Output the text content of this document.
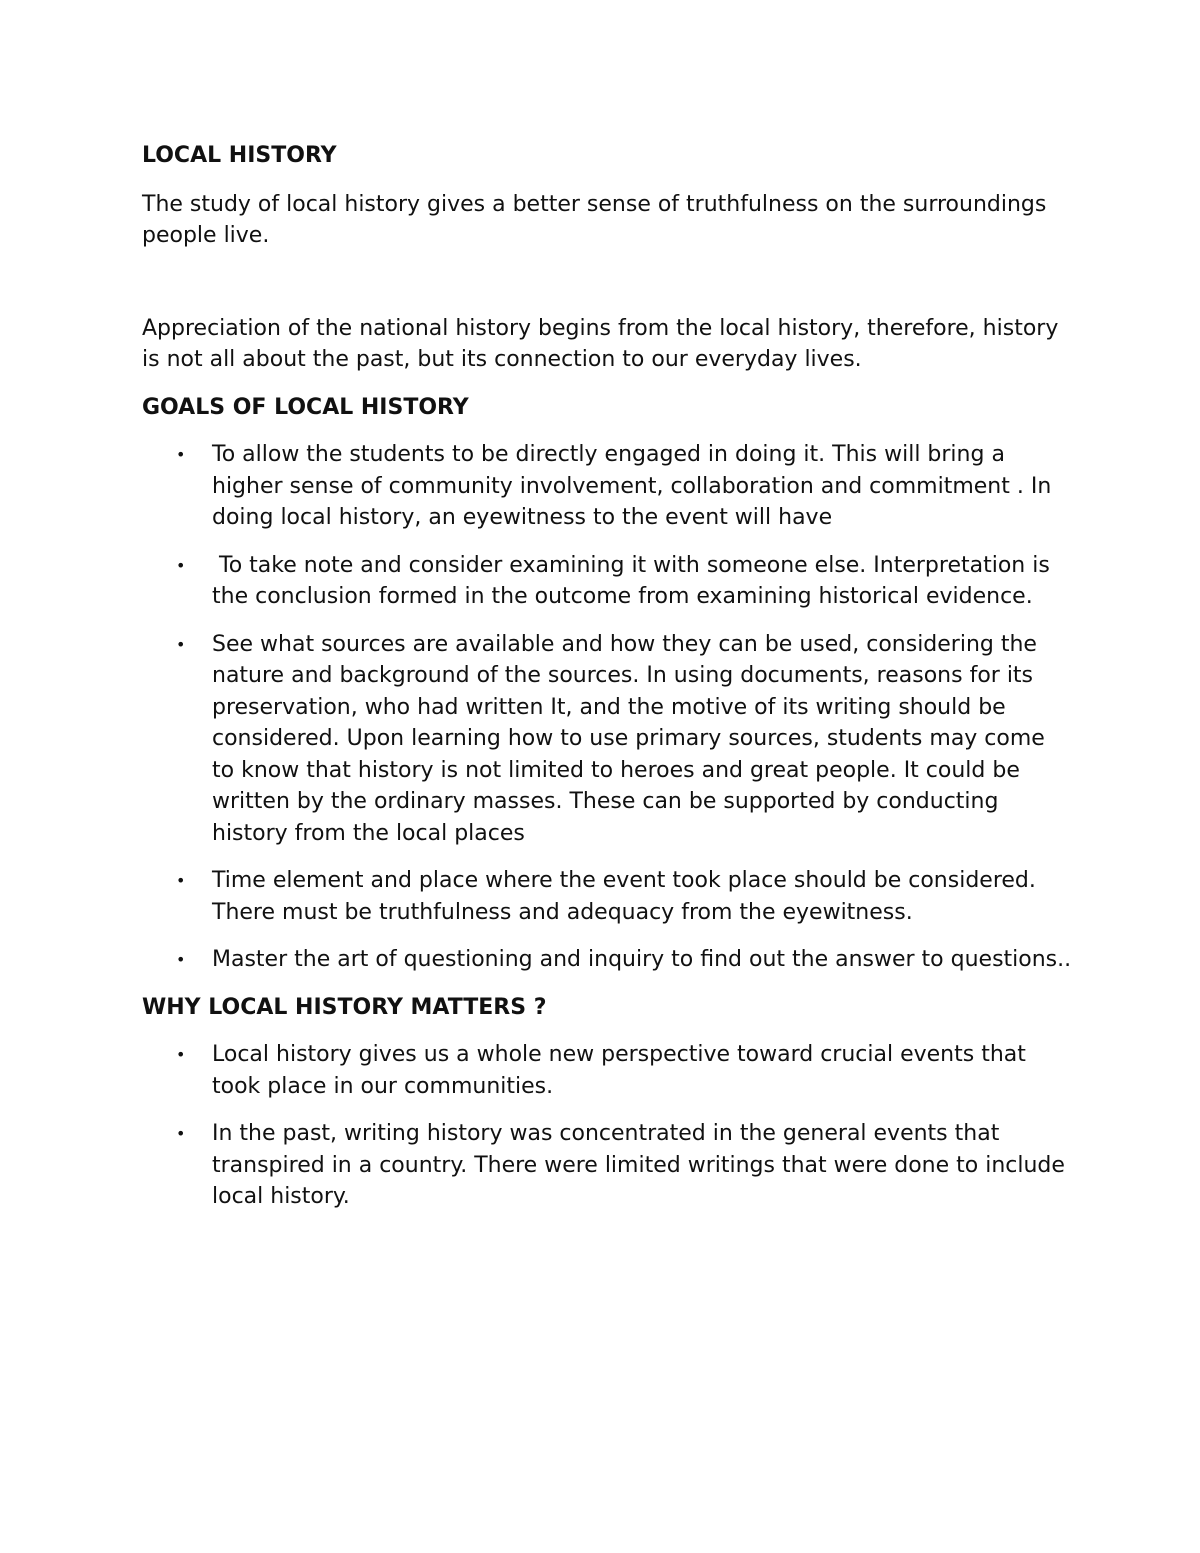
LOCAL HISTORY

The study of local history gives a better sense of truthfulness on the surroundings people live.

Appreciation of the national history begins from the local history, therefore, history is not all about the past, but its connection to our everyday lives.

GOALS OF LOCAL HISTORY
• To allow the students to be directly engaged in doing it. This will bring a higher sense of community involvement, collaboration and commitment . In doing local history, an eyewitness to the event will have
• To take note and consider examining it with someone else. Interpretation is the conclusion formed in the outcome from examining historical evidence.
• See what sources are available and how they can be used, considering the nature and background of the sources. In using documents, reasons for its preservation, who had written It, and the motive of its writing should be considered. Upon learning how to use primary sources, students may come to know that history is not limited to heroes and great people. It could be written by the ordinary masses. These can be supported by conducting history from the local places
• Time element and place where the event took place should be considered. There must be truthfulness and adequacy from the eyewitness.
• Master the art of questioning and inquiry to find out the answer to questions..
WHY LOCAL HISTORY MATTERS ?
• Local history gives us a whole new perspective toward crucial events that took place in our communities.
• In the past, writing history was concentrated in the general events that transpired in a country. There were limited writings that were done to include local history.
